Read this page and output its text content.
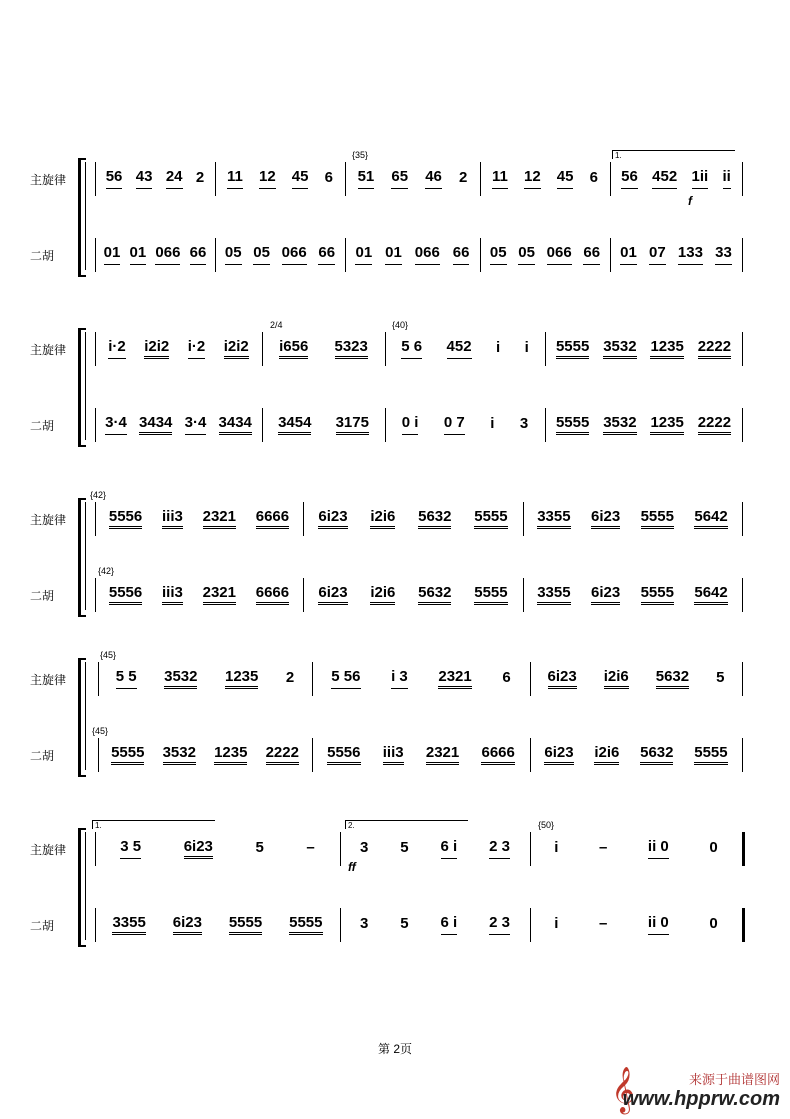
主旋律	56 43 24 2 11 12 45 6 51 65 46 2 11 12 45 6 56 452 1ii ii
二胡	01 01 066 66 05 05 066 66 01 01 066 66 05 05 066 66 01 07 133 33
{35}	1.
f
主旋律	i·2 i2i2 i·2 i2i2 i656 5323 5 6 452 i i 5555 3532 1235 2222
二胡	3·4 3434 3·4 3434 3454 3175 0 i 0 7 i 3 5555 3532 1235 2222
{40}
2/4
主旋律	5556 iii3 2321 6666 6i23 i2i6 5632 5555 3355 6i23 5555 5642
二胡	5556 iii3 2321 6666 6i23 i2i6 5632 5555 3355 6i23 5555 5642
{42}
{42}
主旋律	5 5 3532 1235 2 5 56 i 3 2321 6 6i23 i2i6 5632 5
二胡	5555 3532 1235 2222 5556 iii3 2321 6666 6i23 i2i6 5632 5555
{45}
{45}
主旋律	3 5	6i23	5	–	3 5 6 i 2 3	i	–	ii 0	0
二胡	3355 6i23 5555 5555 3 5 6 i 2 3	i	–	ii 0	0
1.	2.	{50}
ff
第 2页
𝄞	来源于曲谱图网
www.hpprw.com
